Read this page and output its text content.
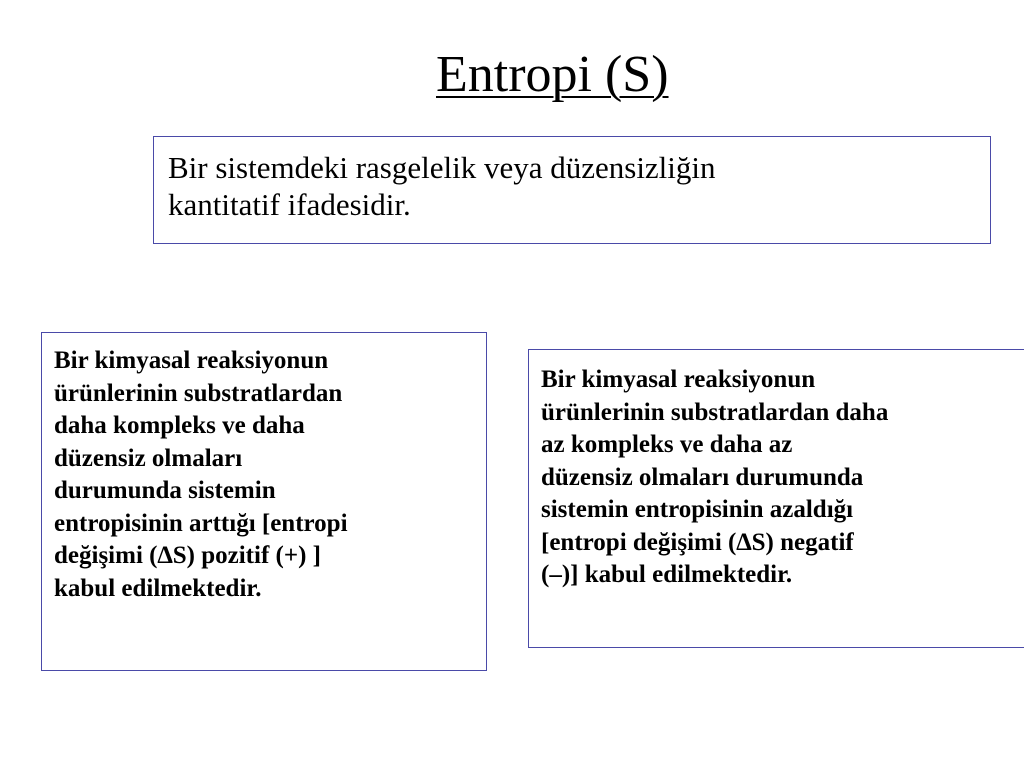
Entropi (S)
Bir sistemdeki rasgelelik veya düzensizliğin
kantitatif ifadesidir.
Bir kimyasal reaksiyonun
ürünlerinin substratlardan
daha kompleks ve daha
düzensiz olmaları
durumunda sistemin
entropisinin arttığı [entropi
değişimi (∆S) pozitif (+) ]
kabul edilmektedir.
Bir kimyasal reaksiyonun
ürünlerinin substratlardan daha
az kompleks ve daha az
düzensiz olmaları durumunda
sistemin entropisinin azaldığı
[entropi değişimi (∆S) negatif
(–)] kabul edilmektedir.
